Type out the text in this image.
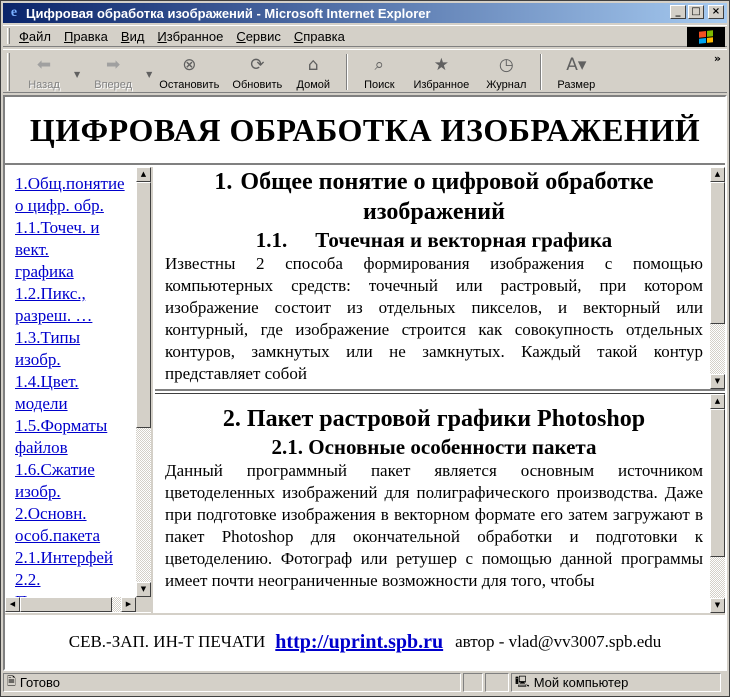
e Цифровая обработка изображений - Microsoft Internet Explorer	_	□	×
Файл	Правка	Вид	Избранное	Сервис	Справка
⬅
Назад
▼ ➡
Вперед
▼ ⊗
Остановить
⟳
Обновить
⌂
Домой
⌕
Поиск
★
Избранное
◷
Журнал
A▾
Размер
»
ЦИФРОВАЯ ОБРАБОТКА ИЗОБРАЖЕНИЙ
1.Общ.понятие
о цифр. обр.
1.1.Точеч. и
вект.
графика
1.2.Пикс.,
разреш. …
1.3.Типы
изобр.
1.4.Цвет.
модели
1.5.Форматы
файлов
1.6.Сжатие
изобр.
2.Основн.
особ.пакета
2.1.Интерфей
2.2.
▲
▼
◀	▶
1. Общее понятие о цифровой обработке изображений
1.1. Точечная и векторная графика

Известны 2 способа формирования изображения с помощью компьютерных средств: точечный или растровый, при котором изображение состоит из отдельных пикселов, и векторный или контурный, где изображение строится как совокупность отдельных контуров, замкнутых или не замкнутых. Каждый такой контур представляет собой

▲
▼
2. Пакет растровой графики Photoshop
2.1. Основные особенности пакета

Данный программный пакет является основным источником цветоделенных изображений для полиграфического производства. Даже при подготовке изображения в векторном формате его затем загружают в пакет Photoshop для окончательной обработки и подготовки к цветоделению. Фотограф или ретушер с помощью данной программы имеет почти неограниченные возможности для того, чтобы

▲
▼
СЕВ.-ЗАП. ИН-Т ПЕЧАТИ http://uprint.spb.ru автор - vlad@vv3007.spb.edu
🗎 Готово	🖳 Мой компьютер
